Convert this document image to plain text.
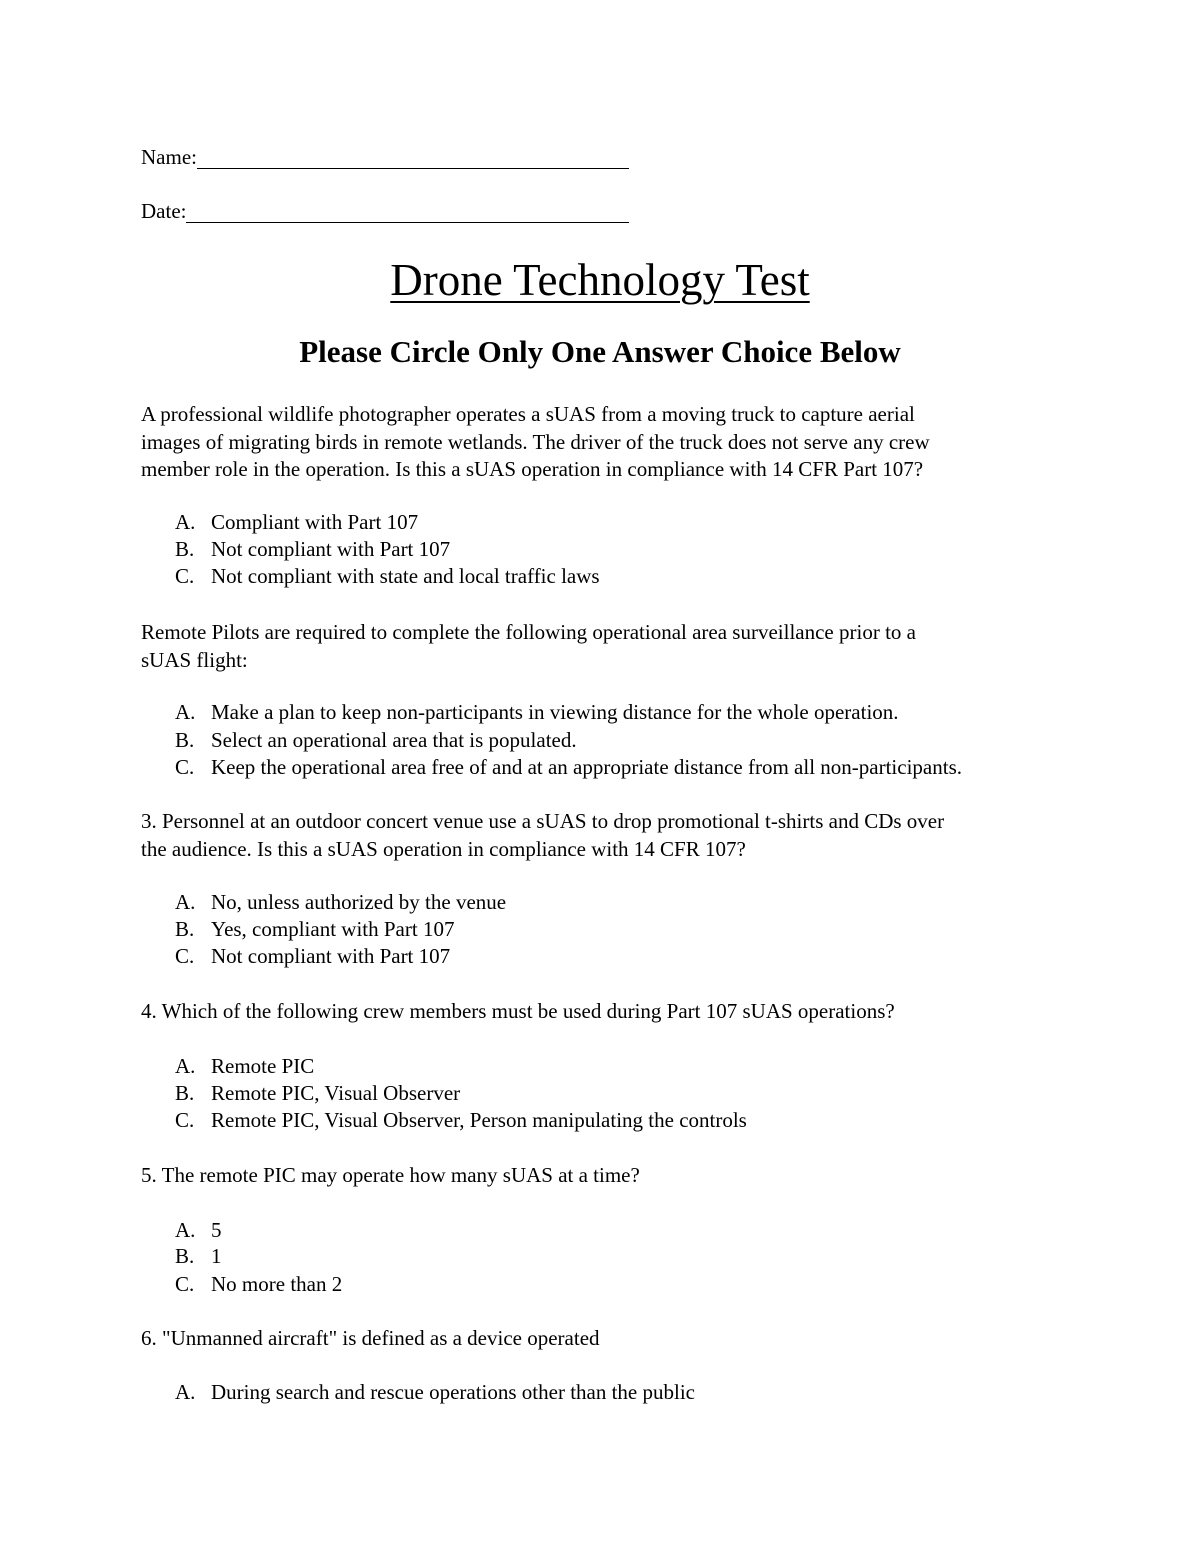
Name:
Date:
Drone Technology Test
Please Circle Only One Answer Choice Below
A professional wildlife photographer operates a sUAS from a moving truck to capture aerial
images of migrating birds in remote wetlands. The driver of the truck does not serve any crew
member role in the operation. Is this a sUAS operation in compliance with 14 CFR Part 107?
A. Compliant with Part 107
B. Not compliant with Part 107
C. Not compliant with state and local traffic laws
Remote Pilots are required to complete the following operational area surveillance prior to a
sUAS flight:
A. Make a plan to keep non-participants in viewing distance for the whole operation.
B. Select an operational area that is populated.
C. Keep the operational area free of and at an appropriate distance from all non-participants.
3. Personnel at an outdoor concert venue use a sUAS to drop promotional t-shirts and CDs over
the audience. Is this a sUAS operation in compliance with 14 CFR 107?
A. No, unless authorized by the venue
B. Yes, compliant with Part 107
C. Not compliant with Part 107
4. Which of the following crew members must be used during Part 107 sUAS operations?
A. Remote PIC
B. Remote PIC, Visual Observer
C. Remote PIC, Visual Observer, Person manipulating the controls
5. The remote PIC may operate how many sUAS at a time?
A. 5
B. 1
C. No more than 2
6. "Unmanned aircraft" is defined as a device operated
A. During search and rescue operations other than the public
